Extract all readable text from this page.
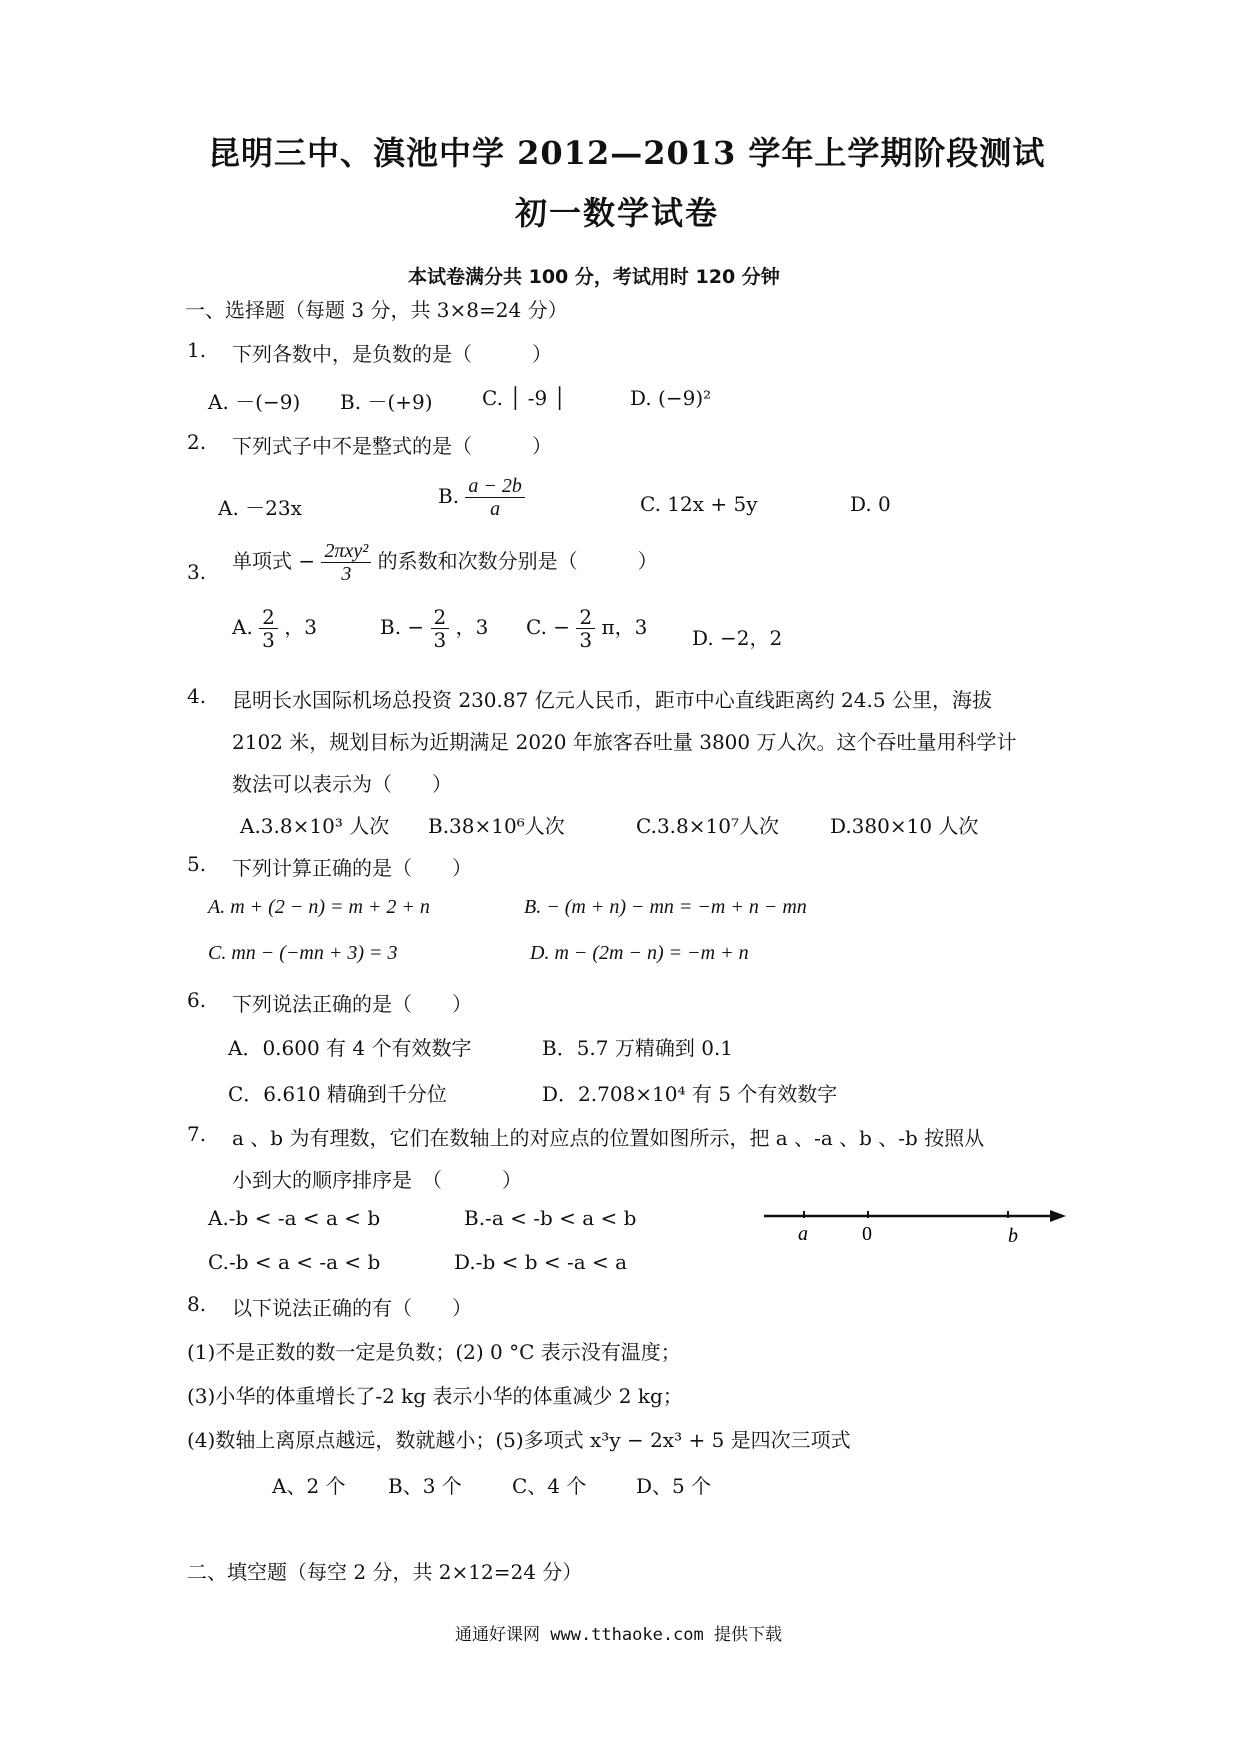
昆明三中、滇池中学 2012—2013 学年上学期阶段测试
初一数学试卷
本试卷满分共 100 分，考试用时 120 分钟
一、选择题（每题 3 分，共 3×8=24 分）
1. 下列各数中，是负数的是（　　　）
A. －(−9) B. －(+9) C. │ -9 │	D. (−9)²
2. 下列式子中不是整式的是（　　　）
A. －23x	B. $\frac{a - 2b}{a}$	C. 12x + 5y	D. 0
3. 单项式 − $\frac{\text{2πxy²}}{3}$ 的系数和次数分别是（　　　）
A. $\frac{2}{3}$ ，3	B. − $\frac{2}{3}$ ，3 C. − $\frac{2}{3}$ π，3 D. −2，2
4. 昆明长水国际机场总投资 230.87 亿元人民币，距市中心直线距离约 24.5 公里，海拔
2102 米，规划目标为近期满足 2020 年旅客吞吐量 3800 万人次。这个吞吐量用科学计
数法可以表示为（　　）
A.3.8×10³ 人次 B.38×10⁶人次	C.3.8×10⁷人次	D.380×10 人次
5. 下列计算正确的是（　　）
A. m + (2 − n) = m + 2 + n	B. − (m + n) − mn = −m + n − mn
C. mn − (−mn + 3) = 3	D. m − (2m − n) = −m + n
6. 下列说法正确的是（　　）
A．0.600 有 4 个有效数字	B．5.7 万精确到 0.1
C．6.610 精确到千分位	D．2.708×10⁴ 有 5 个有效数字
7. a 、b 为有理数，它们在数轴上的对应点的位置如图所示，把 a 、-a 、b 、-b 按照从
小到大的顺序排序是　（　　　）
A.-b < -a < a < b	B.-a < -b < a < b
C.-b < a < -a < b	D.-b < b < -a < a
a	0	b
8. 以下说法正确的有（　　）
(1)不是正数的数一定是负数；(2) 0 °C 表示没有温度；
(3)小华的体重增长了-2 kg 表示小华的体重减少 2 kg；
(4)数轴上离原点越远，数就越小；(5)多项式 x³y − 2x³ + 5 是四次三项式
A、2 个 B、3 个	C、4 个 D、5 个
二、填空题（每空 2 分，共 2×12=24 分）
通通好课网 www.tthaoke.com 提供下载
